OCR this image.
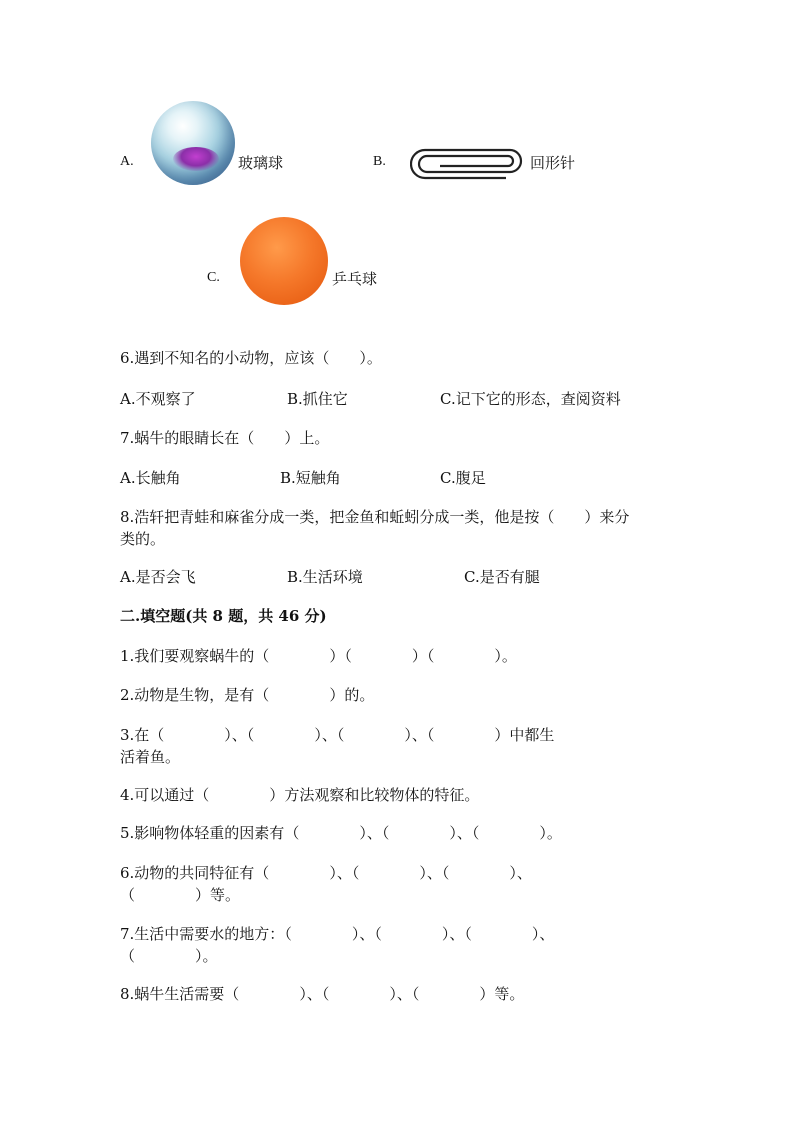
A.	玻璃球	B.	回形针
C.	乒乓球
6.遇到不知名的小动物，应该（　　）。
A.不观察了	B.抓住它	C.记下它的形态，查阅资料
7.蜗牛的眼睛长在（　　）上。
A.长触角	B.短触角	C.腹足
8.浩轩把青蛙和麻雀分成一类，把金鱼和蚯蚓分成一类，他是按（　　）来分
类的。
A.是否会飞	B.生活环境	C.是否有腿
二.填空题(共 8 题，共 46 分)
1.我们要观察蜗牛的（　　　　）（　　　　）（　　　　）。
2.动物是生物，是有（　　　　）的。
3.在（　　　　）、（　　　　）、（　　　　）、（　　　　）中都生
活着鱼。
4.可以通过（　　　　）方法观察和比较物体的特征。
5.影响物体轻重的因素有（　　　　）、（　　　　）、（　　　　）。
6.动物的共同特征有（　　　　）、（　　　　）、（　　　　）、
（　　　　）等。
7.生活中需要水的地方：（　　　　）、（　　　　）、（　　　　）、
（　　　　）。
8.蜗牛生活需要（　　　　）、（　　　　）、（　　　　）等。
